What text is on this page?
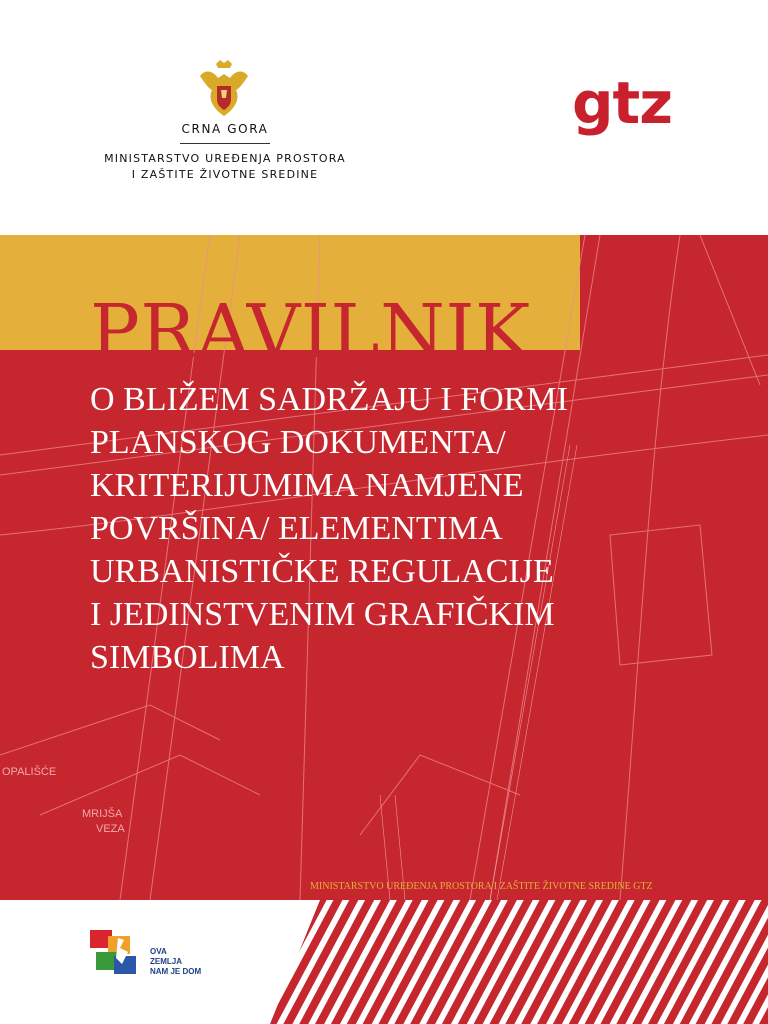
CRNA GORA
MINISTARSTVO UREĐENJA PROSTORA
I ZAŠTITE ŽIVOTNE SREDINE
gtz
OPALIŠĆE
MRIJŠA
VEZA
PRAVILNIK
O BLIŽEM SADRŽAJU I FORMI
PLANSKOG DOKUMENTA/
KRITERIJUMIMA NAMJENE
POVRŠINA/ ELEMENTIMA
URBANISTIČKE REGULACIJE
I JEDINSTVENIM GRAFIČKIM
SIMBOLIMA
MINISTARSTVO UREĐENJA PROSTORA I ZAŠTITE ŽIVOTNE SREDINE GTZ
OVA
ZEMLJA
NAM JE DOM
